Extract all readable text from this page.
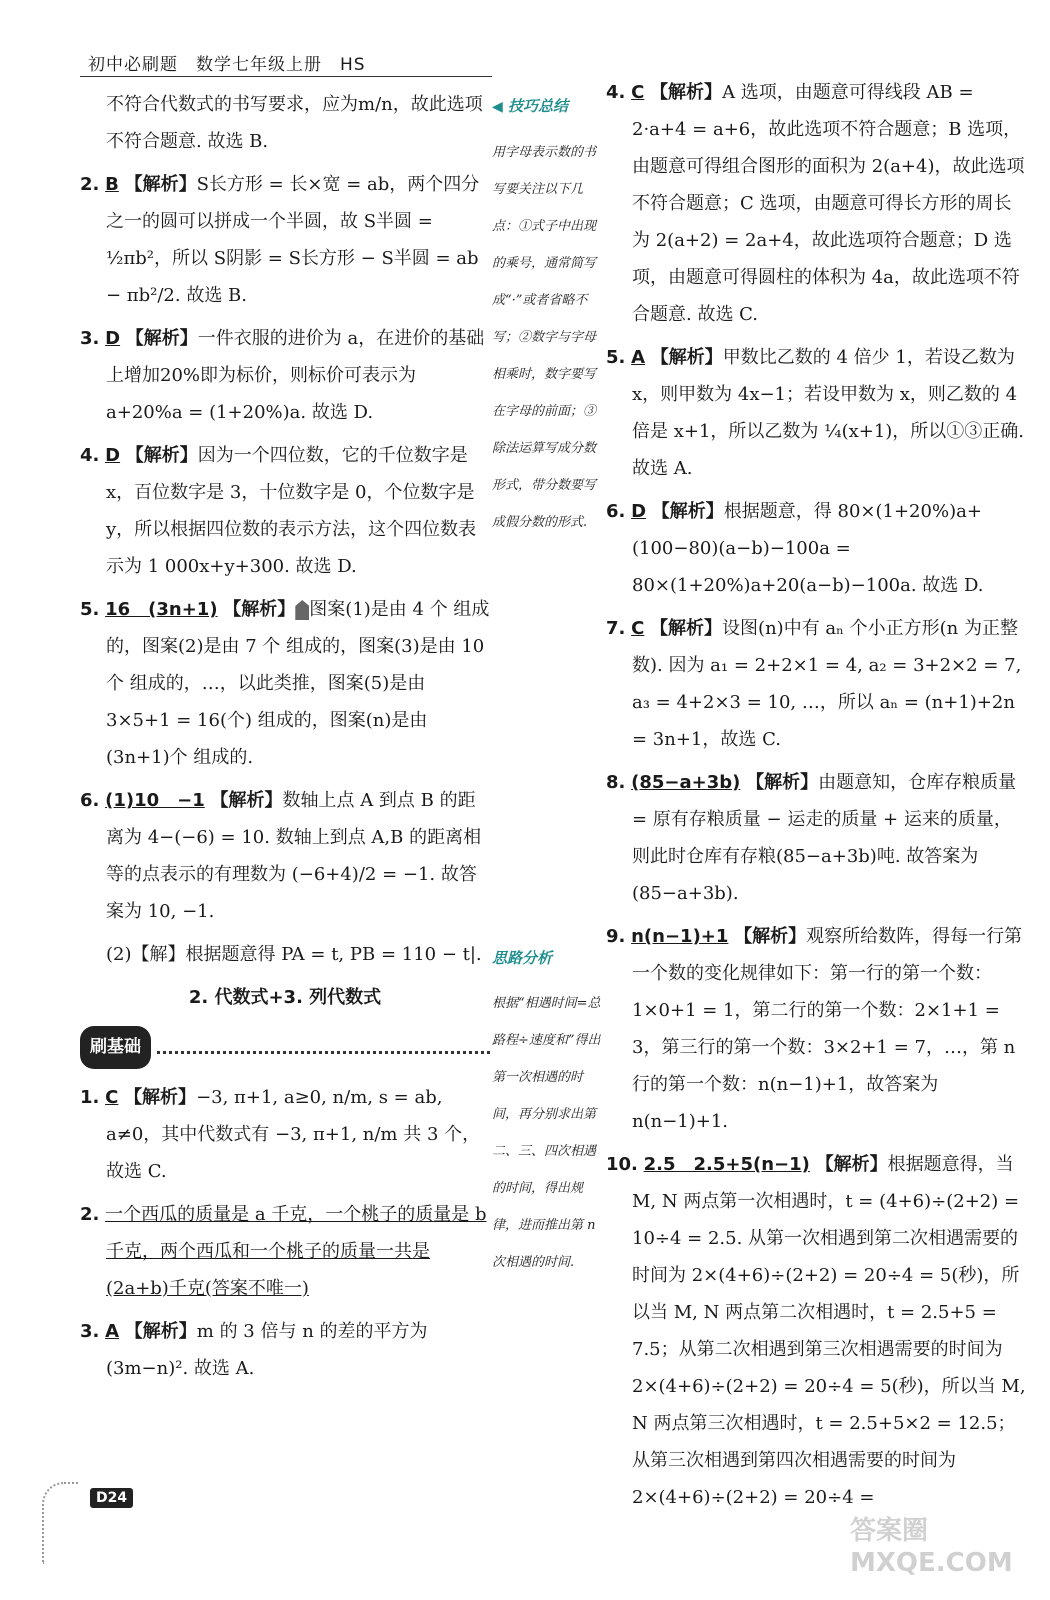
初中必刷题　数学七年级上册　HS

不符合代数式的书写要求，应为m/n，故此选项不符合题意. 故选 B.

2. B 【解析】S长方形 = 长×宽 = ab，两个四分之一的圆可以拼成一个半圆，故 S半圆 = ½πb²，所以 S阴影 = S长方形 − S半圆 = ab − πb²/2. 故选 B.

3. D 【解析】一件衣服的进价为 a，在进价的基础上增加20%即为标价，则标价可表示为 a+20%a = (1+20%)a. 故选 D.

4. D 【解析】因为一个四位数，它的千位数字是 x，百位数字是 3，十位数字是 0，个位数字是 y，所以根据四位数的表示方法，这个四位数表示为 1 000x+y+300. 故选 D.

5. 16　(3n+1) 【解析】 图案(1)是由 4 个 组成的，图案(2)是由 7 个 组成的，图案(3)是由 10 个 组成的，…，以此类推，图案(5)是由 3×5+1 = 16(个) 组成的，图案(n)是由(3n+1)个 组成的.

6. (1)10　−1 【解析】数轴上点 A 到点 B 的距离为 4−(−6) = 10. 数轴上到点 A,B 的距离相等的点表示的有理数为 (−6+4)/2 = −1. 故答案为 10, −1.

(2)【解】根据题意得 PA = t, PB = 110 − t|.

2. 代数式+3. 列代数式
刷基础

1. C 【解析】−3, π+1, a≥0, n/m, s = ab, a≠0，其中代数式有 −3, π+1, n/m 共 3 个，故选 C.

2. 一个西瓜的质量是 a 千克，一个桃子的质量是 b 千克，两个西瓜和一个桃子的质量一共是(2a+b)千克(答案不唯一)

3. A 【解析】m 的 3 倍与 n 的差的平方为 (3m−n)². 故选 A.

◀ 技巧总结
用字母表示数的书写要关注以下几点：①式子中出现的乘号，通常简写成“·”或者省略不写；②数字与字母相乘时，数字要写在字母的前面；③除法运算写成分数形式，带分数要写成假分数的形式.
思路分析
根据“相遇时间=总路程÷速度和”得出第一次相遇的时间，再分别求出第二、三、四次相遇的时间，得出规律，进而推出第 n 次相遇的时间.

4. C 【解析】A 选项，由题意可得线段 AB = 2·a+4 = a+6，故此选项不符合题意；B 选项，由题意可得组合图形的面积为 2(a+4)，故此选项不符合题意；C 选项，由题意可得长方形的周长为 2(a+2) = 2a+4，故此选项符合题意；D 选项，由题意可得圆柱的体积为 4a，故此选项不符合题意. 故选 C.

5. A 【解析】甲数比乙数的 4 倍少 1，若设乙数为 x，则甲数为 4x−1；若设甲数为 x，则乙数的 4 倍是 x+1，所以乙数为 ¼(x+1)，所以①③正确. 故选 A.

6. D 【解析】根据题意，得 80×(1+20%)a+(100−80)(a−b)−100a = 80×(1+20%)a+20(a−b)−100a. 故选 D.

7. C 【解析】设图(n)中有 aₙ 个小正方形(n 为正整数). 因为 a₁ = 2+2×1 = 4, a₂ = 3+2×2 = 7, a₃ = 4+2×3 = 10, …，所以 aₙ = (n+1)+2n = 3n+1，故选 C.

8. (85−a+3b) 【解析】由题意知，仓库存粮质量 = 原有存粮质量 − 运走的质量 + 运来的质量，则此时仓库有存粮(85−a+3b)吨. 故答案为(85−a+3b).

9. n(n−1)+1 【解析】观察所给数阵，得每一行第一个数的变化规律如下：第一行的第一个数：1×0+1 = 1，第二行的第一个数：2×1+1 = 3，第三行的第一个数：3×2+1 = 7，…，第 n 行的第一个数：n(n−1)+1，故答案为 n(n−1)+1.

10. 2.5　2.5+5(n−1) 【解析】根据题意得，当 M, N 两点第一次相遇时，t = (4+6)÷(2+2) = 10÷4 = 2.5. 从第一次相遇到第二次相遇需要的时间为 2×(4+6)÷(2+2) = 20÷4 = 5(秒)，所以当 M, N 两点第二次相遇时，t = 2.5+5 = 7.5；从第二次相遇到第三次相遇需要的时间为 2×(4+6)÷(2+2) = 20÷4 = 5(秒)，所以当 M, N 两点第三次相遇时，t = 2.5+5×2 = 12.5；从第三次相遇到第四次相遇需要的时间为 2×(4+6)÷(2+2) = 20÷4 =

D24
答案圈
MXQE.COM
